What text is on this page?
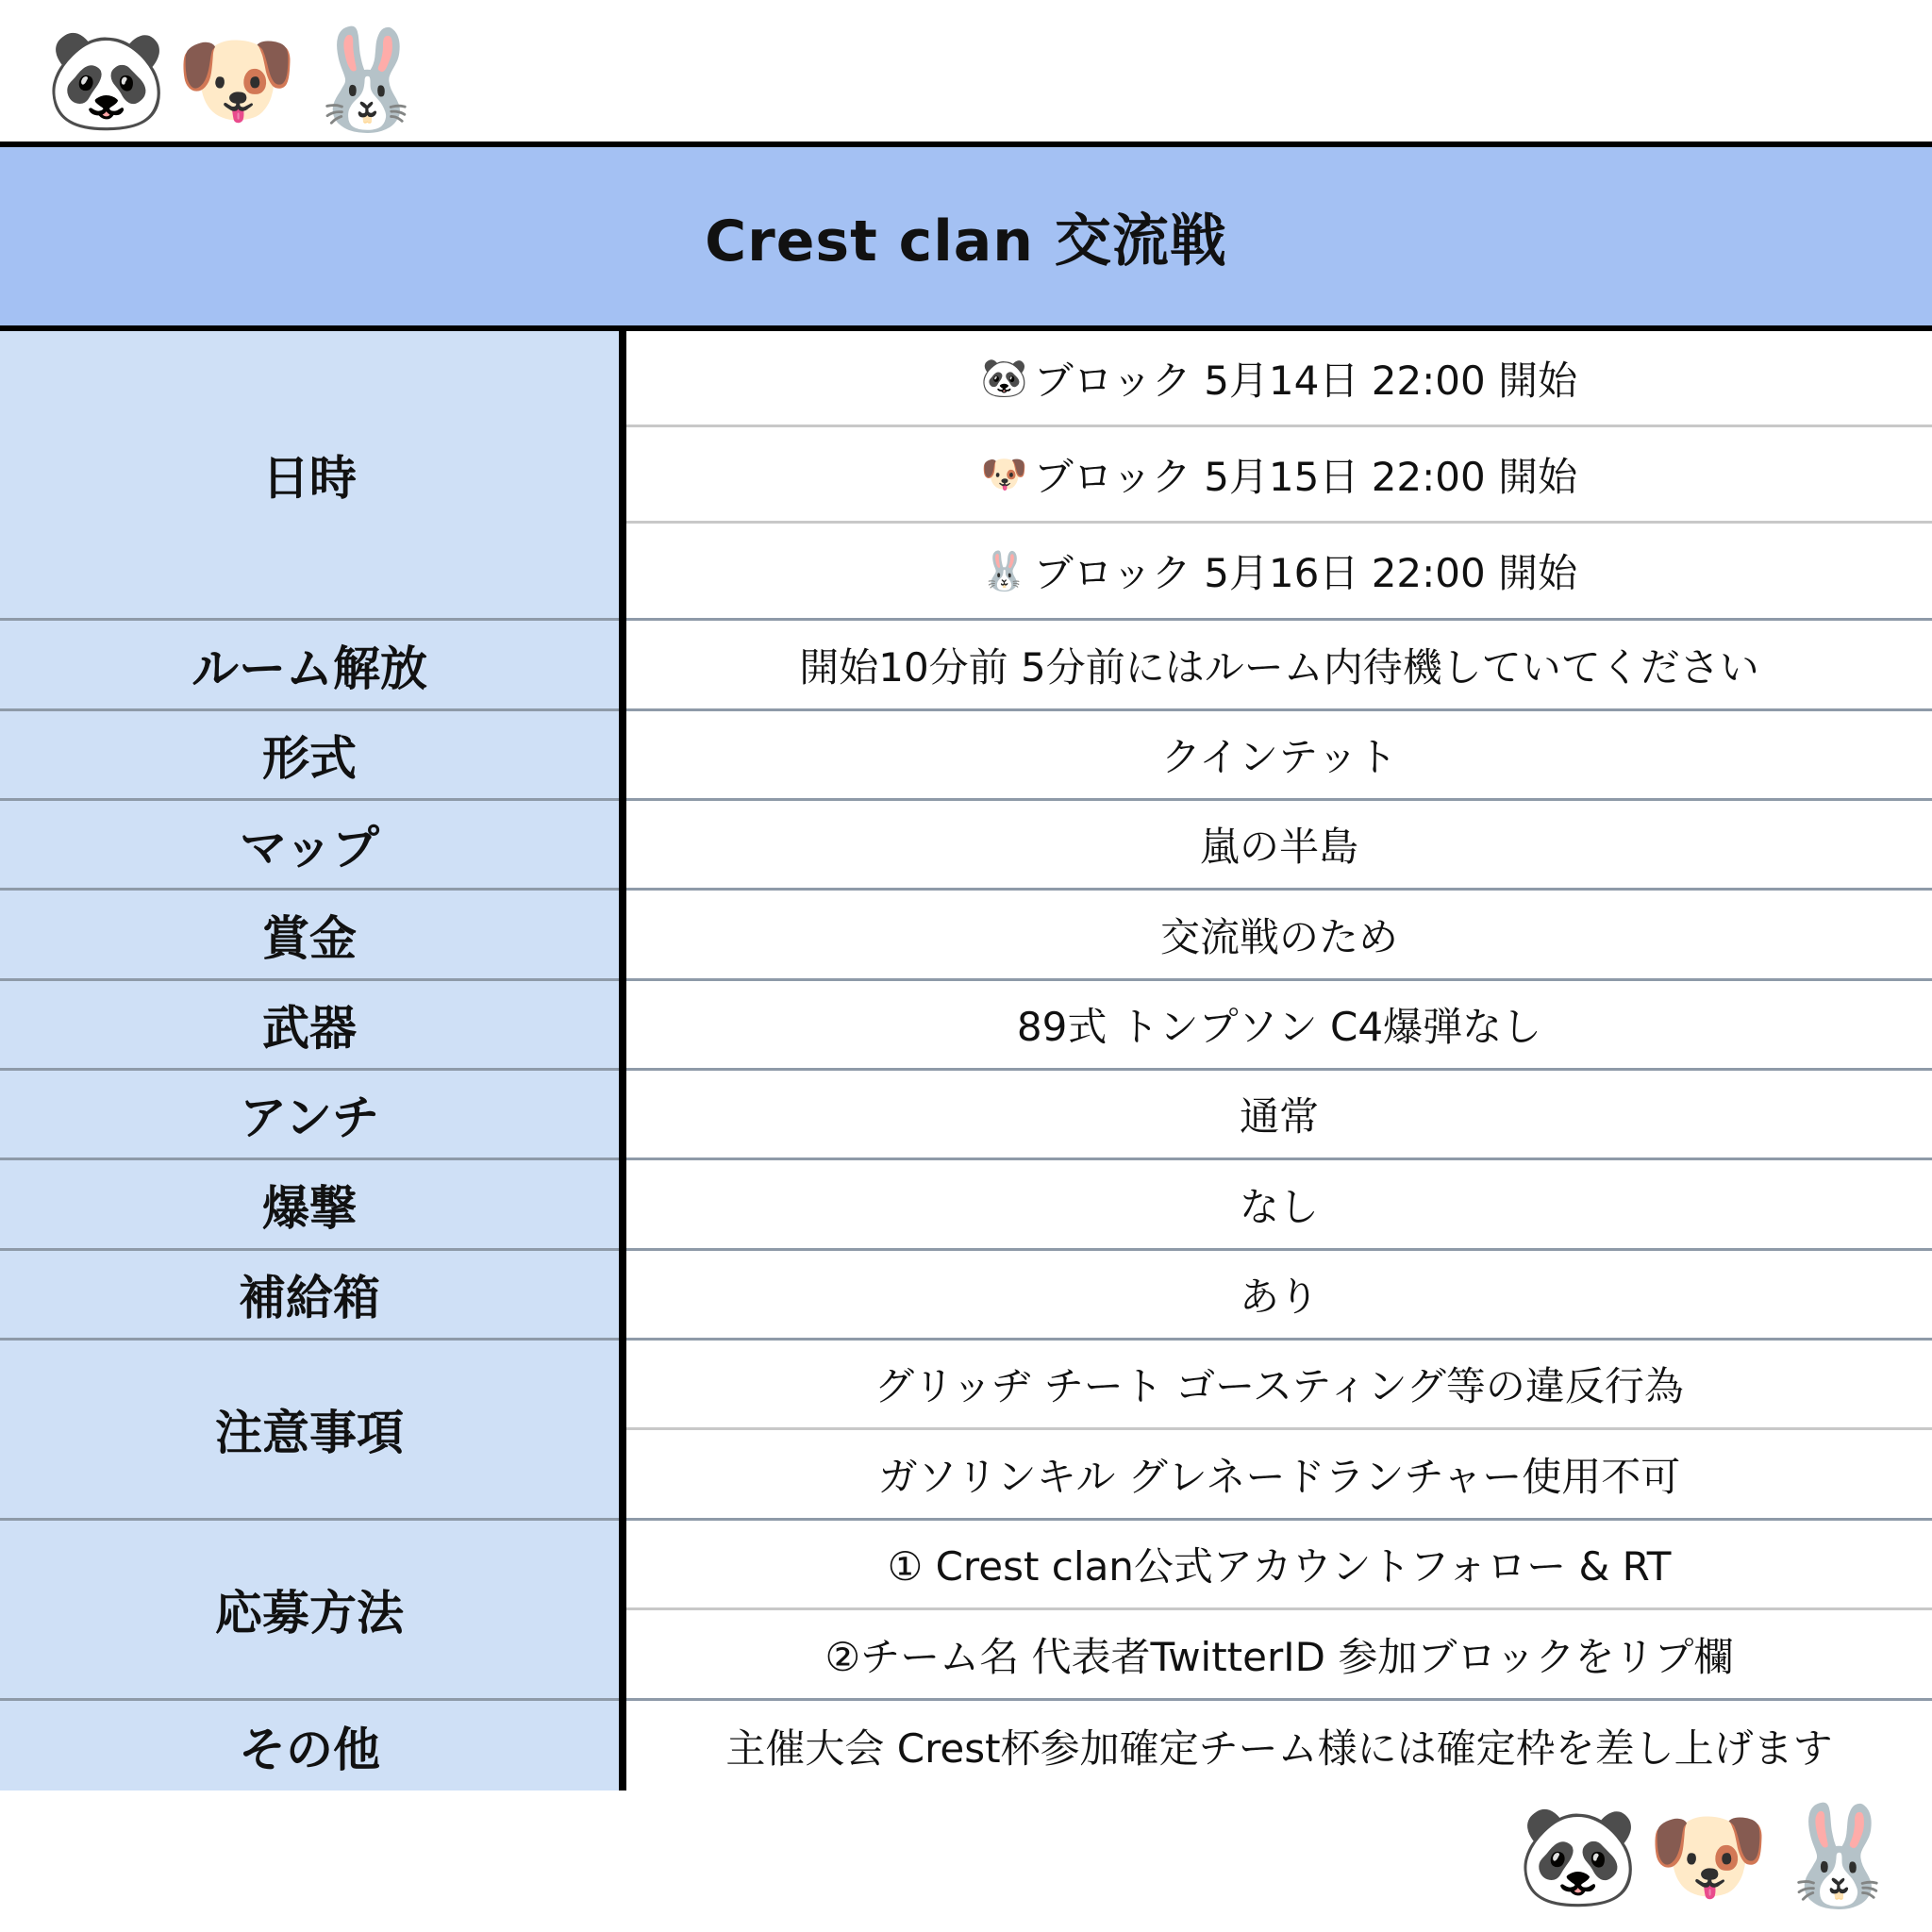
🐼 🐶 🐰
Crest clan 交流戦
日時
ルーム解放
形式
マップ
賞金
武器
アンチ
爆撃
補給箱
注意事項
応募方法
その他
🐼 ブロック 5月14日 22:00 開始
🐶 ブロック 5月15日 22:00 開始
🐰 ブロック 5月16日 22:00 開始
開始10分前 5分前にはルーム内待機していてください
クインテット
嵐の半島
交流戦のため
89式 トンプソン C4爆弾なし
通常
なし
あり
グリッヂ チート ゴースティング等の違反行為
ガソリンキル グレネードランチャー使用不可
① Crest clan公式アカウントフォロー & RT
②チーム名 代表者TwitterID 参加ブロックをリプ欄
主催大会 Crest杯参加確定チーム様には確定枠を差し上げます
🐼 🐶 🐰
